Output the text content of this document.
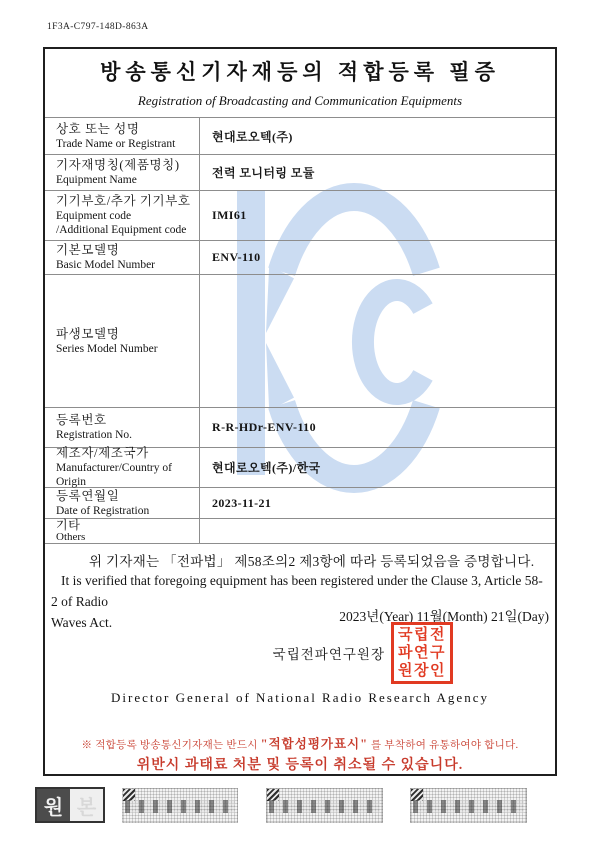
1F3A-C797-148D-863A
방송통신기자재등의 적합등록 필증
Registration of Broadcasting and Communication Equipments
상호 또는 성명
Trade Name or Registrant
현대로오텍(주)
기자재명칭(제품명칭)
Equipment Name
전력 모니터링 모듈
기기부호/추가 기기부호
Equipment code
/Additional Equipment code
IMI61
기본모델명
Basic Model Number
ENV-110
파생모델명
Series Model Number
등록번호
Registration No.
R-R-HDr-ENV-110
제조자/제조국가
Manufacturer/Country of Origin
현대로오텍(주)/한국
등록연월일
Date of Registration
2023-11-21
기타
Others
위 기자재는 「전파법」 제58조의2 제3항에 따라 등록되었음을 증명합니다.
It is verified that foregoing equipment has been registered under the Clause 3, Article 58-2 of Radio
Waves Act.	2023년(Year) 11월(Month) 21일(Day)
국립전파연구원장
국립전
파연구
원장인
Director General of National Radio Research Agency
※ 적합등록 방송통신기자재는 반드시 "적합성평가표시" 를 부착하여 유통하여야 합니다.
위반시 과태료 처분 및 등록이 취소될 수 있습니다.
원 본
